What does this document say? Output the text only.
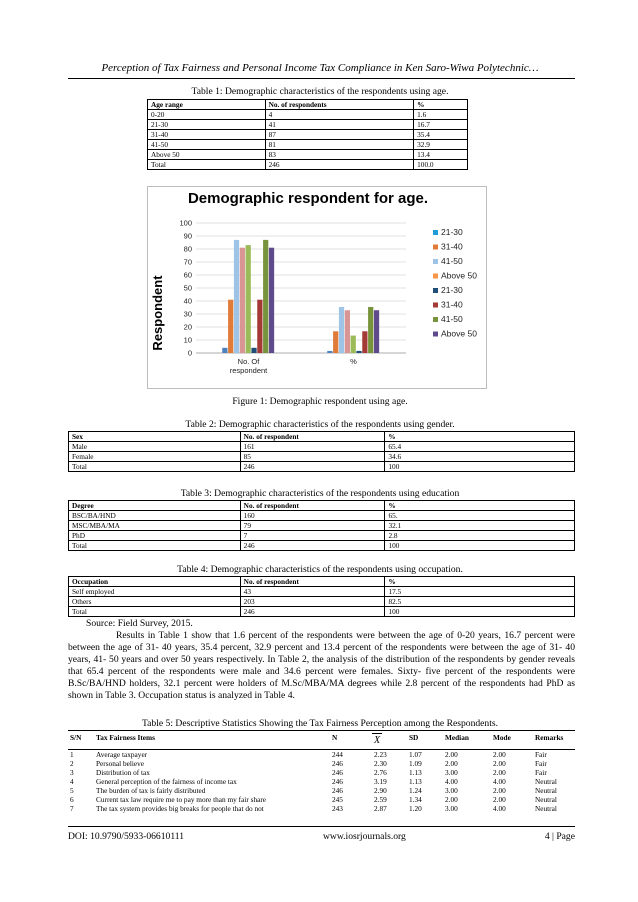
Perception of Tax Fairness and Personal Income Tax Compliance in Ken Saro-Wiwa Polytechnic…
Table 1: Demographic characteristics of the respondents using age.
Age range	No. of respondents	%
0-20	4	1.6
21-30	41	16.7
31-40	87	35.4
41-50	81	32.9
Above 50	83	13.4
Total	246	100.0
Demographic respondent for age.
Respondent
0
10
20
30
40
50
60
70
80
90
100
No. Of respondent
%
21-30
31-40
41-50
Above 50
21-30
31-40
41-50
Above 50
Figure 1: Demographic respondent using age.
Table 2: Demographic characteristics of the respondents using gender.
Sex	No. of respondent	%
Male	161	65.4
Female	85	34.6
Total	246	100
Table 3: Demographic characteristics of the respondents using education
Degree	No. of respondent	%
BSC/BA/HND	160	65.
MSC/MBA/MA	79	32.1
PhD	7	2.8
Total	246	100
Table 4: Demographic characteristics of the respondents using occupation.
Occupation	No. of respondent	%
Self employed	43	17.5
Others	203	82.5
Total	246	100
Source: Field Survey, 2015.

Results in Table 1 show that 1.6 percent of the respondents were between the age of 0-20 years, 16.7 percent were between the age of 31- 40 years, 35.4 percent, 32.9 percent and 13.4 percent of the respondents were between the age of 31- 40 years, 41- 50 years and over 50 years respectively. In Table 2, the analysis of the distribution of the respondents by gender reveals that 65.4 percent of the respondents were male and 34.6 percent were females. Sixty- five percent of the respondents were B.Sc/BA/HND holders, 32.1 percent were holders of M.Sc/MBA/MA degrees while 2.8 percent of the respondents had PhD as shown in Table 3. Occupation status is analyzed in Table 4.

Table 5: Descriptive Statistics Showing the Tax Fairness Perception among the Respondents.
S/N	Tax Fairness Items	N	X	SD	Median	Mode	Remarks
1	Average taxpayer	244	2.23	1.07	2.00	2.00	Fair
2	Personal believe	246	2.30	1.09	2.00	2.00	Fair
3	Distribution of tax	246	2.76	1.13	3.00	2.00	Fair
4	General perception of the fairness of income tax	246	3.19	1.13	4.00	4.00	Neutral
5	The burden of tax is fairly distributed	246	2.90	1.24	3.00	2.00	Neutral
6	Current tax law require me to pay more than my fair share	245	2.59	1.34	2.00	2.00	Neutral
7	The tax system provides big breaks for people that do not	243	2.87	1.20	3.00	4.00	Neutral
DOI: 10.9790/5933-06610111	www.iosrjournals.org	4 | Page
